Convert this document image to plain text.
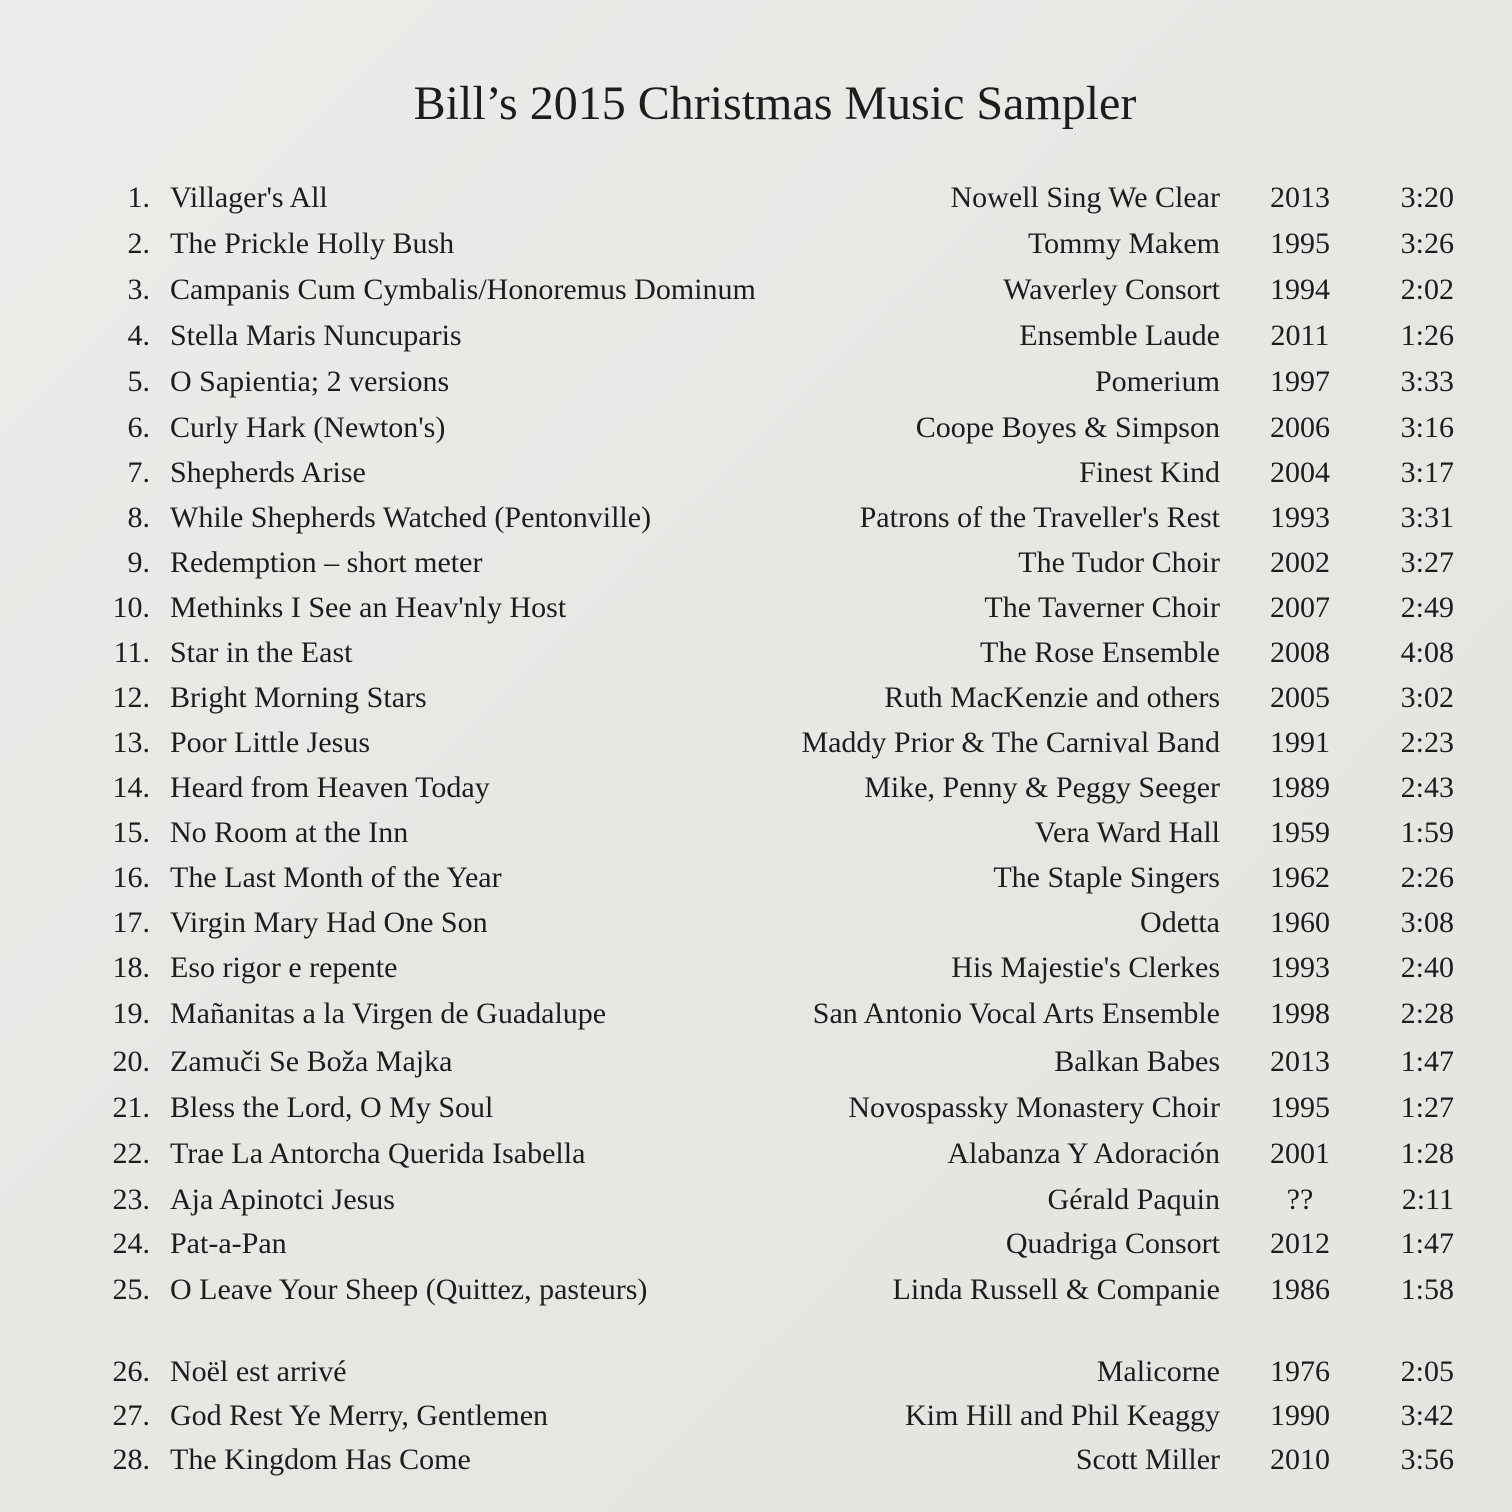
Bill’s 2015 Christmas Music Sampler
1. Villager's All	Nowell Sing We Clear 2013	3:20
2. The Prickle Holly Bush	Tommy Makem 1995	3:26
3. Campanis Cum Cymbalis/Honoremus Dominum	Waverley Consort 1994	2:02
4. Stella Maris Nuncuparis	Ensemble Laude 2011	1:26
5. O Sapientia; 2 versions	Pomerium 1997	3:33
6. Curly Hark (Newton's)	Coope Boyes & Simpson 2006	3:16
7. Shepherds Arise	Finest Kind 2004	3:17
8. While Shepherds Watched (Pentonville)	Patrons of the Traveller's Rest 1993	3:31
9. Redemption – short meter	The Tudor Choir 2002	3:27
10. Methinks I See an Heav'nly Host	The Taverner Choir 2007	2:49
11. Star in the East	The Rose Ensemble 2008	4:08
12. Bright Morning Stars	Ruth MacKenzie and others 2005	3:02
13. Poor Little Jesus	Maddy Prior & The Carnival Band 1991	2:23
14. Heard from Heaven Today	Mike, Penny & Peggy Seeger 1989	2:43
15. No Room at the Inn	Vera Ward Hall 1959	1:59
16. The Last Month of the Year	The Staple Singers 1962	2:26
17. Virgin Mary Had One Son	Odetta 1960	3:08
18. Eso rigor e repente	His Majestie's Clerkes 1993	2:40
19. Mañanitas a la Virgen de Guadalupe	San Antonio Vocal Arts Ensemble 1998	2:28
20. Zamuči Se Boža Majka	Balkan Babes 2013	1:47
21. Bless the Lord, O My Soul	Novospassky Monastery Choir 1995	1:27
22. Trae La Antorcha Querida Isabella	Alabanza Y Adoración 2001	1:28
23. Aja Apinotci Jesus	Gérald Paquin	??	2:11
24. Pat-a-Pan	Quadriga Consort 2012	1:47
25. O Leave Your Sheep (Quittez, pasteurs)	Linda Russell & Companie 1986	1:58
26. Noël est arrivé	Malicorne 1976	2:05
27. God Rest Ye Merry, Gentlemen	Kim Hill and Phil Keaggy 1990	3:42
28. The Kingdom Has Come	Scott Miller 2010	3:56
